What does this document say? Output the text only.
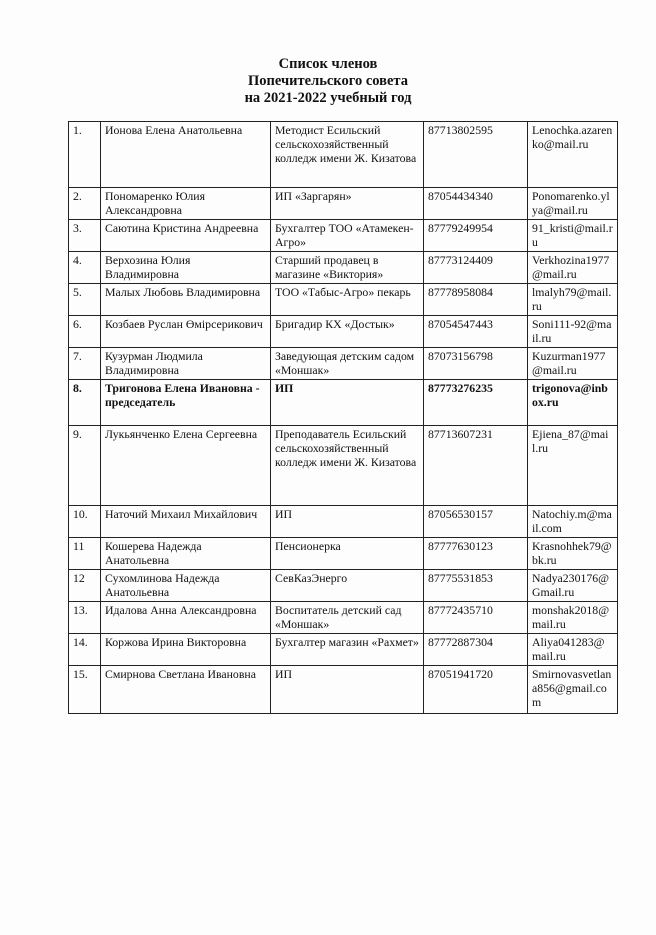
Список членов
Попечительского совета
на 2021-2022 учебный год
1.	Ионова Елена Анатольевна	Методист Есильский сельскохозяйственный колледж имени Ж. Кизатова	87713802595	Lenochka.azarenko@mail.ru
2.	Пономаренко Юлия Александровна	ИП «Заргарян»	87054434340	Ponomarenko.ylya@mail.ru
3.	Саютина Кристина Андреевна	Бухгалтер ТОО «Атамекен-Агро»	87779249954	91_kristi@mail.ru
4.	Верхозина Юлия Владимировна	Старший продавец в магазине «Виктория»	87773124409	Verkhozina1977@mail.ru
5.	Малых Любовь Владимировна	ТОО «Табыс-Агро» пекарь	87778958084	lmalyh79@mail.ru
6.	Козбаев Руслан Өмірсерикович	Бригадир КХ «Достык»	87054547443	Soni111-92@mail.ru
7.	Кузурман Людмила Владимировна	Заведующая детским садом «Моншак»	87073156798	Kuzurman1977@mail.ru
8.	Тригонова Елена Ивановна - председатель	ИП	87773276235	trigonova@inbox.ru
9.	Лукьянченко Елена Сергеевна	Преподаватель Есильский сельскохозяйственный колледж имени Ж. Кизатова	87713607231	Ejiena_87@mail.ru
10.	Наточий Михаил Михайлович	ИП	87056530157	Natochiy.m@mail.com
11	Кошерева Надежда Анатольевна	Пенсионерка	87777630123	Krasnohhek79@bk.ru
12	Сухомлинова Надежда Анатольевна	СевКазЭнерго	87775531853	Nadya230176@Gmail.ru
13.	Идалова Анна Александровна	Воспитатель детский сад «Моншак»	87772435710	monshak2018@mail.ru
14.	Коржова Ирина Викторовна	Бухгалтер магазин «Рахмет»	87772887304	Aliya041283@mail.ru
15.	Смирнова Светлана Ивановна	ИП	87051941720	Smirnovasvetlana856@gmail.com
